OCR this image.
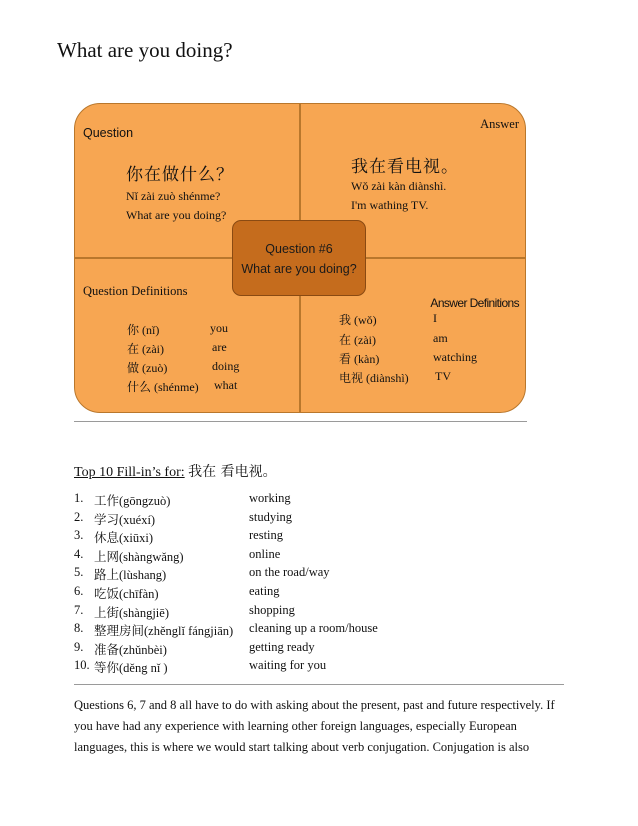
What are you doing?
Question
你在做什么？
Nǐ zài zuò shénme?
What are you doing?
Answer
我在看电视。
Wǒ zài kàn diànshì.
I'm wathing TV.
Question Definitions
你 (nǐ)	you
在 (zài)	are
做 (zuò)	doing
什么 (shénme) what
Answer Definitions
我 (wǒ)	I
在 (zài)	am
看 (kàn)	watching
电视 (diànshì) TV
Question #6
What are you doing?
Top 10 Fill-in’s for: 我在 看电视。
1. 工作(gōngzuò)	working
2. 学习(xuéxí)	studying
3. 休息(xiūxi)	resting
4. 上网(shàngwǎng)	online
5. 路上(lùshang)	on the road/way
6. 吃饭(chīfàn)	eating
7. 上街(shàngjiē)	shopping
8. 整理房间(zhěnglǐ fángjiān) cleaning up a room/house
9. 准备(zhǔnbèi)	getting ready
10. 等你(děng nǐ )	waiting for you
Questions 6, 7 and 8 all have to do with asking about the present, past and future respectively. If you have had any experience with learning other foreign languages, especially European languages, this is where we would start talking about verb conjugation. Conjugation is also
